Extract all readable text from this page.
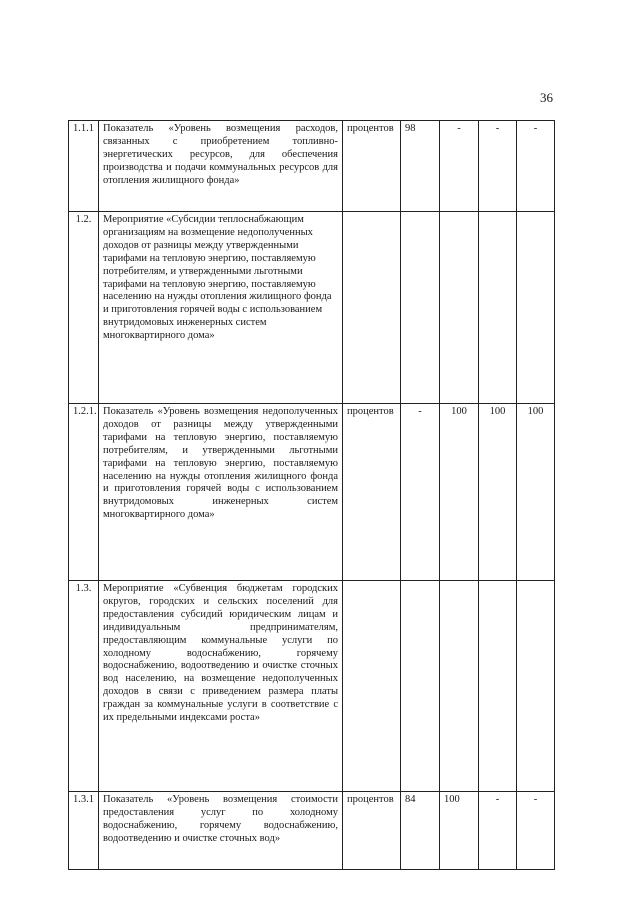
36
1.1.1	Показатель «Уровень возмещения расходов, связанных с приобретением топливно-энергетических ресурсов, для обеспечения производства и подачи коммунальных ресурсов для отопления жилищного фонда»	процентов	98	-	-	-
1.2.	Мероприятие «Субсидии теплоснабжающим организациям на возмещение недополученных доходов от разницы между утвержденными тарифами на тепловую энергию, поставляемую потребителям, и утвержденными льготными тарифами на тепловую энергию, поставляемую населению на нужды отопления жилищного фонда и приготовления горячей воды с использованием внутридомовых инженерных систем многоквартирного дома»					
1.2.1.	Показатель «Уровень возмещения недополученных доходов от разницы между утвержденными тарифами на тепловую энергию, поставляемую потребителям, и утвержденными льготными тарифами на тепловую энергию, поставляемую населению на нужды отопления жилищного фонда и приготовления горячей воды с использованием внутридомовых инженерных систем многоквартирного дома»	процентов	-	100	100	100
1.3.	Мероприятие «Субвенция бюджетам городских округов, городских и сельских поселений для предоставления субсидий юридическим лицам и индивидуальным предпринимателям, предоставляющим коммунальные услуги по холодному водоснабжению, горячему водоснабжению, водоотведению и очистке сточных вод населению, на возмещение недополученных доходов в связи с приведением размера платы граждан за коммунальные услуги в соответствие с их предельными индексами роста»					
1.3.1	Показатель «Уровень возмещения стоимости предоставления услуг по холодному водоснабжению, горячему водоснабжению, водоотведению и очистке сточных вод»	процентов	84	100	-	-
